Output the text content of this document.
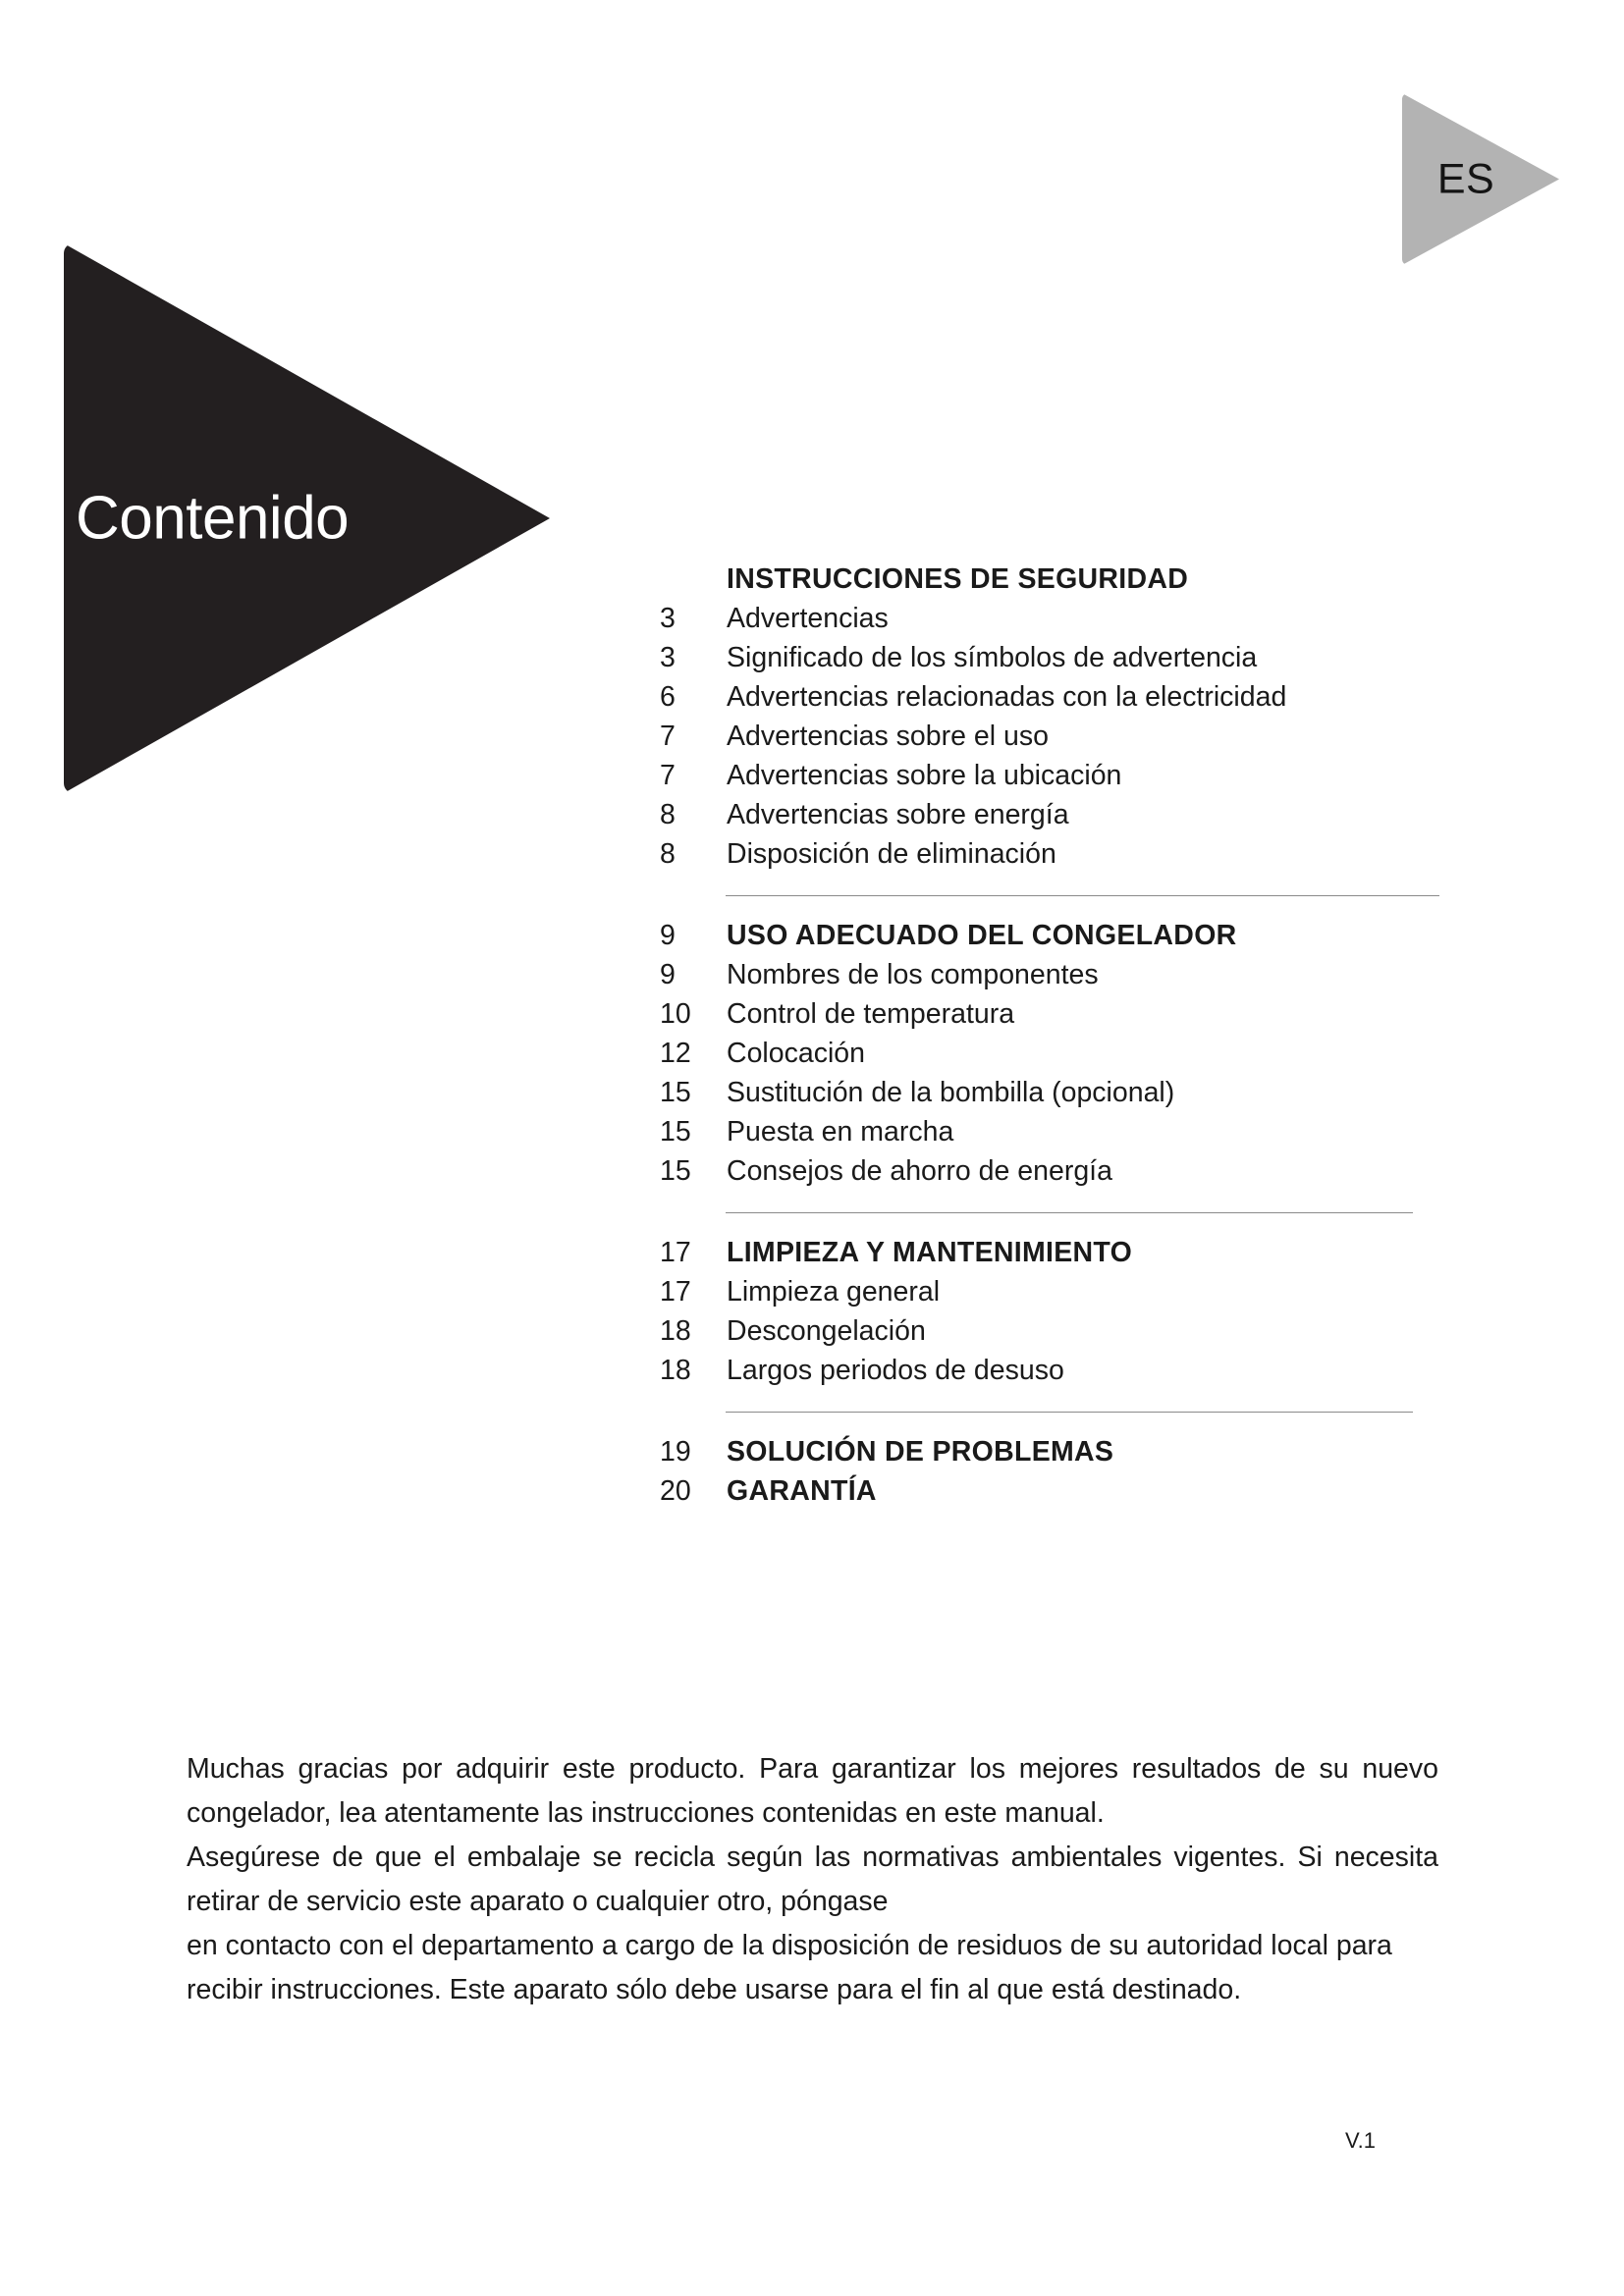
ES
Contenido
INSTRUCCIONES DE SEGURIDAD
3	Advertencias
3	Significado de los símbolos de advertencia
6	Advertencias relacionadas con la electricidad
7	Advertencias sobre el uso
7	Advertencias sobre la ubicación
8	Advertencias sobre energía
8	Disposición de eliminación
9	USO ADECUADO DEL CONGELADOR
9	Nombres de los componentes
10	Control de temperatura
12	Colocación
15	Sustitución de la bombilla (opcional)
15	Puesta en marcha
15	Consejos de ahorro de energía
17	LIMPIEZA Y MANTENIMIENTO
17	Limpieza general
18	Descongelación
18	Largos periodos de desuso
19	SOLUCIÓN DE PROBLEMAS
20	GARANTÍA

Muchas gracias por adquirir este producto. Para garantizar los mejores resultados de su nuevo congelador, lea atentamente las instrucciones contenidas en este manual.

Asegúrese de que el embalaje se recicla según las normativas ambientales vigentes. Si necesita retirar de servicio este aparato o cualquier otro, póngase

en contacto con el departamento a cargo de la disposición de residuos de su autoridad local para recibir instrucciones. Este aparato sólo debe usarse para el fin al que está destinado.

V.1
